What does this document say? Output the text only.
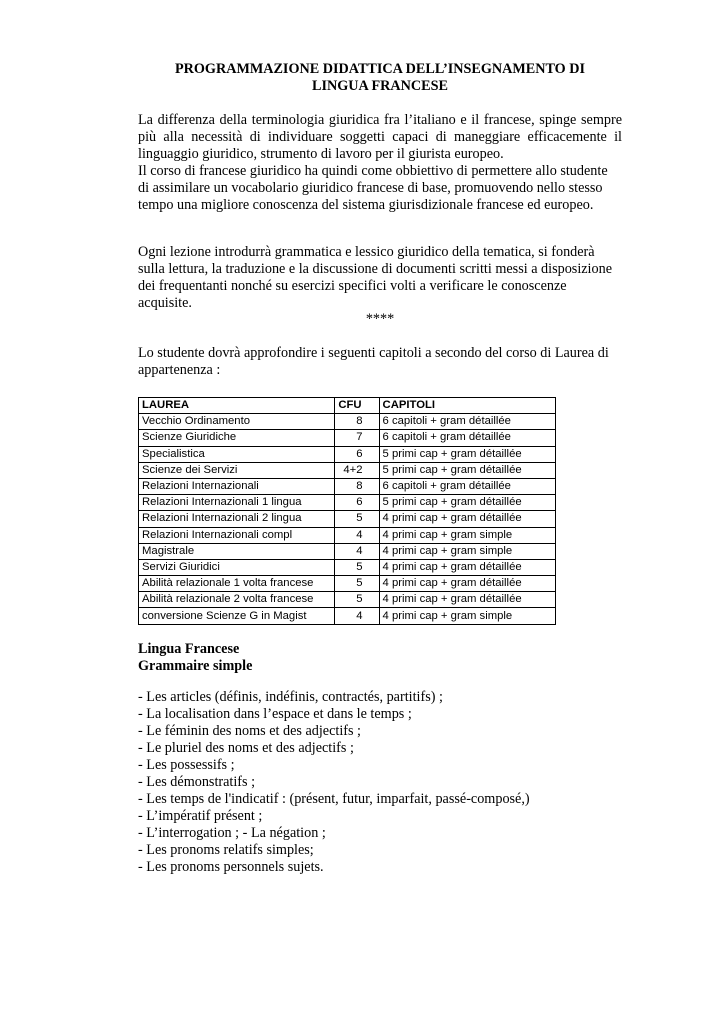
PROGRAMMAZIONE DIDATTICA DELL’INSEGNAMENTO DI
LINGUA FRANCESE

La differenza della terminologia giuridica fra l’italiano e il francese, spinge sempre più alla necessità di individuare soggetti capaci di maneggiare efficacemente il linguaggio giuridico, strumento di lavoro per il giurista europeo.

Il corso di francese giuridico ha quindi come obbiettivo di permettere allo studente di assimilare un vocabolario giuridico francese di base, promuovendo nello stesso tempo una migliore conoscenza del sistema giurisdizionale francese ed europeo.

Ogni lezione introdurrà grammatica e lessico giuridico della tematica, si fonderà sulla lettura, la traduzione e la discussione di documenti scritti messi a disposizione dei frequentanti nonché su esercizi specifici volti a verificare le conoscenze acquisite.

****

Lo studente dovrà approfondire i seguenti capitoli a secondo del corso di Laurea di appartenenza :

LAUREA	CFU	CAPITOLI
Vecchio Ordinamento	8	6 capitoli + gram détaillée
Scienze Giuridiche	7	6 capitoli + gram détaillée
Specialistica	6	5 primi cap + gram détaillée
Scienze dei Servizi	4+2	5 primi cap + gram détaillée
Relazioni Internazionali	8	6 capitoli + gram détaillée
Relazioni Internazionali 1 lingua	6	5 primi cap + gram détaillée
Relazioni Internazionali 2 lingua	5	4 primi cap + gram détaillée
Relazioni Internazionali compl	4	4 primi cap + gram simple
Magistrale	4	4 primi cap + gram simple
Servizi Giuridici	5	4 primi cap + gram détaillée
Abilità relazionale 1 volta francese	5	4 primi cap + gram détaillée
Abilità relazionale 2 volta francese	5	4 primi cap + gram détaillée
conversione Scienze G in Magist	4	4 primi cap + gram simple
Lingua Francese
Grammaire simple
- Les articles (définis, indéfinis, contractés, partitifs) ;
- La localisation dans l’espace et dans le temps ;
- Le féminin des noms et des adjectifs ;
- Le pluriel des noms et des adjectifs ;
- Les possessifs ;
- Les démonstratifs ;
- Les temps de l'indicatif : (présent, futur, imparfait, passé-composé,)
- L’impératif présent ;
- L’interrogation ; - La négation ;
- Les pronoms relatifs simples;
- Les pronoms personnels sujets.
